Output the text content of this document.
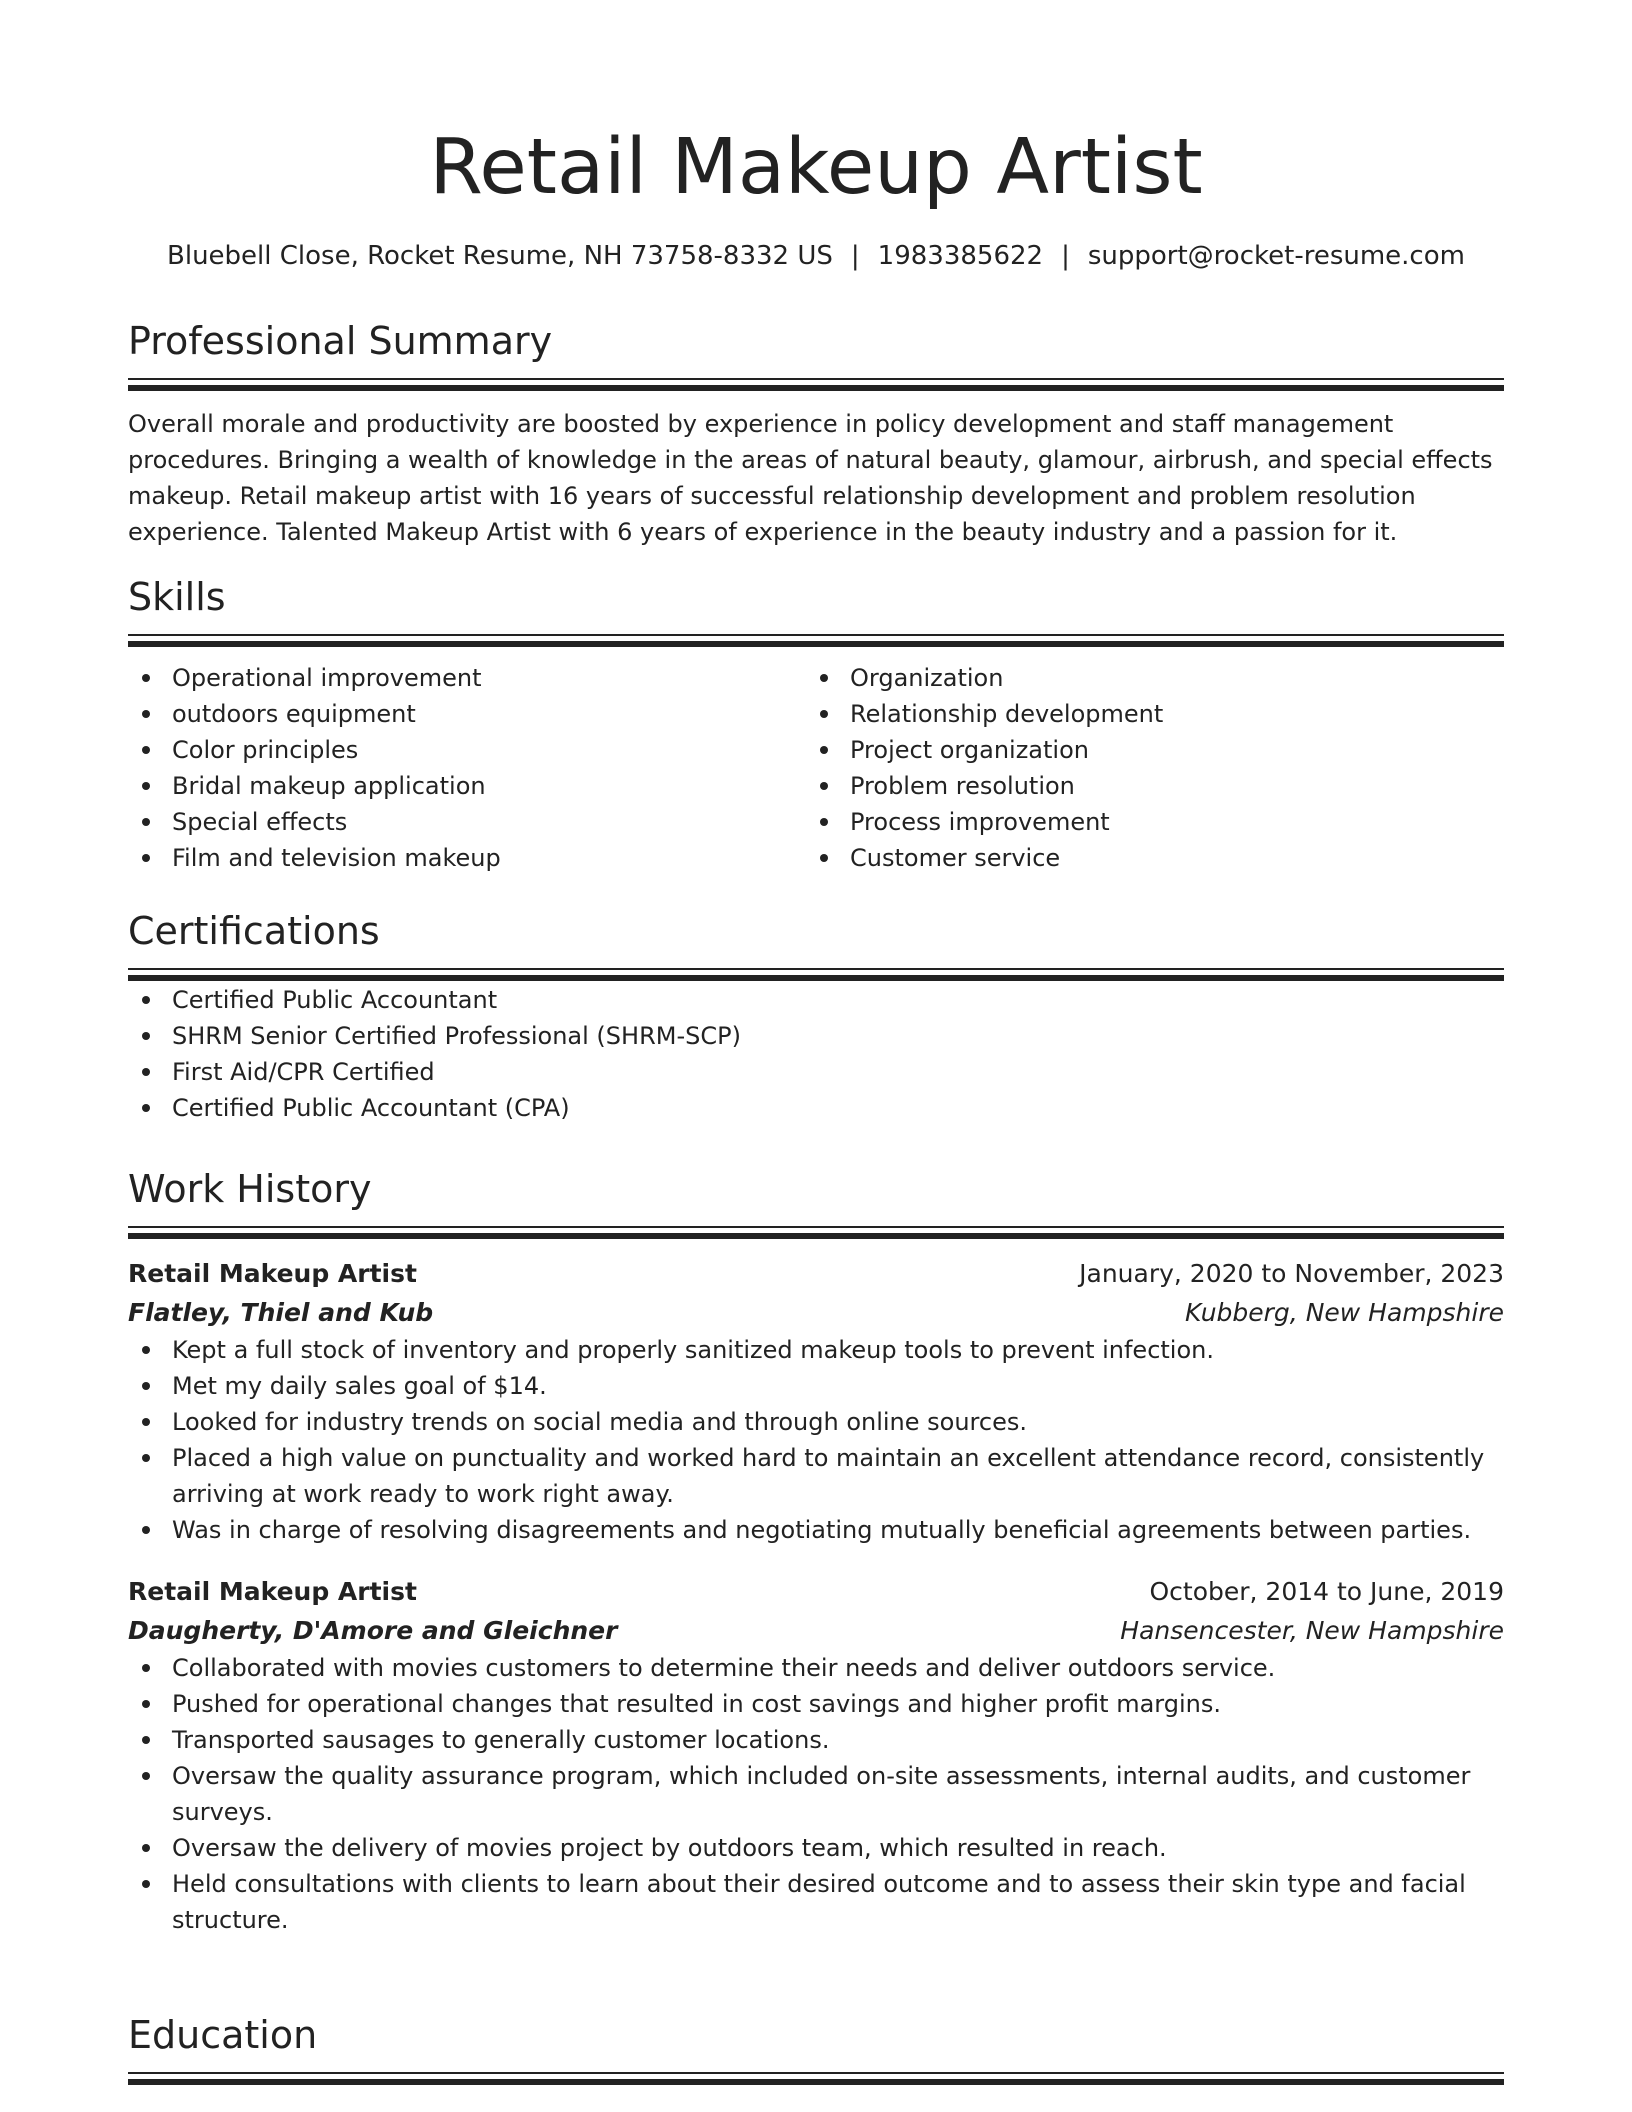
Retail Makeup Artist
Bluebell Close, Rocket Resume, NH 73758-8332 US | 1983385622 | support@rocket-resume.com
Professional Summary

Overall morale and productivity are boosted by experience in policy development and staff management procedures. Bringing a wealth of knowledge in the areas of natural beauty, glamour, airbrush, and special effects makeup. Retail makeup artist with 16 years of successful relationship development and problem resolution experience. Talented Makeup Artist with 6 years of experience in the beauty industry and a passion for it.

Skills
Operational improvement
outdoors equipment
Color principles
Bridal makeup application
Special effects
Film and television makeup
Organization
Relationship development
Project organization
Problem resolution
Process improvement
Customer service
Certifications
Certified Public Accountant
SHRM Senior Certified Professional (SHRM-SCP)
First Aid/CPR Certified
Certified Public Accountant (CPA)
Work History
Retail Makeup Artist	January, 2020 to November, 2023
Flatley, Thiel and Kub	Kubberg, New Hampshire
Kept a full stock of inventory and properly sanitized makeup tools to prevent infection.
Met my daily sales goal of $14.
Looked for industry trends on social media and through online sources.
Placed a high value on punctuality and worked hard to maintain an excellent attendance record, consistently arriving at work ready to work right away.
Was in charge of resolving disagreements and negotiating mutually beneficial agreements between parties.
Retail Makeup Artist	October, 2014 to June, 2019
Daugherty, D'Amore and Gleichner	Hansencester, New Hampshire
Collaborated with movies customers to determine their needs and deliver outdoors service.
Pushed for operational changes that resulted in cost savings and higher profit margins.
Transported sausages to generally customer locations.
Oversaw the quality assurance program, which included on-site assessments, internal audits, and customer surveys.
Oversaw the delivery of movies project by outdoors team, which resulted in reach.
Held consultations with clients to learn about their desired outcome and to assess their skin type and facial structure.
Education
